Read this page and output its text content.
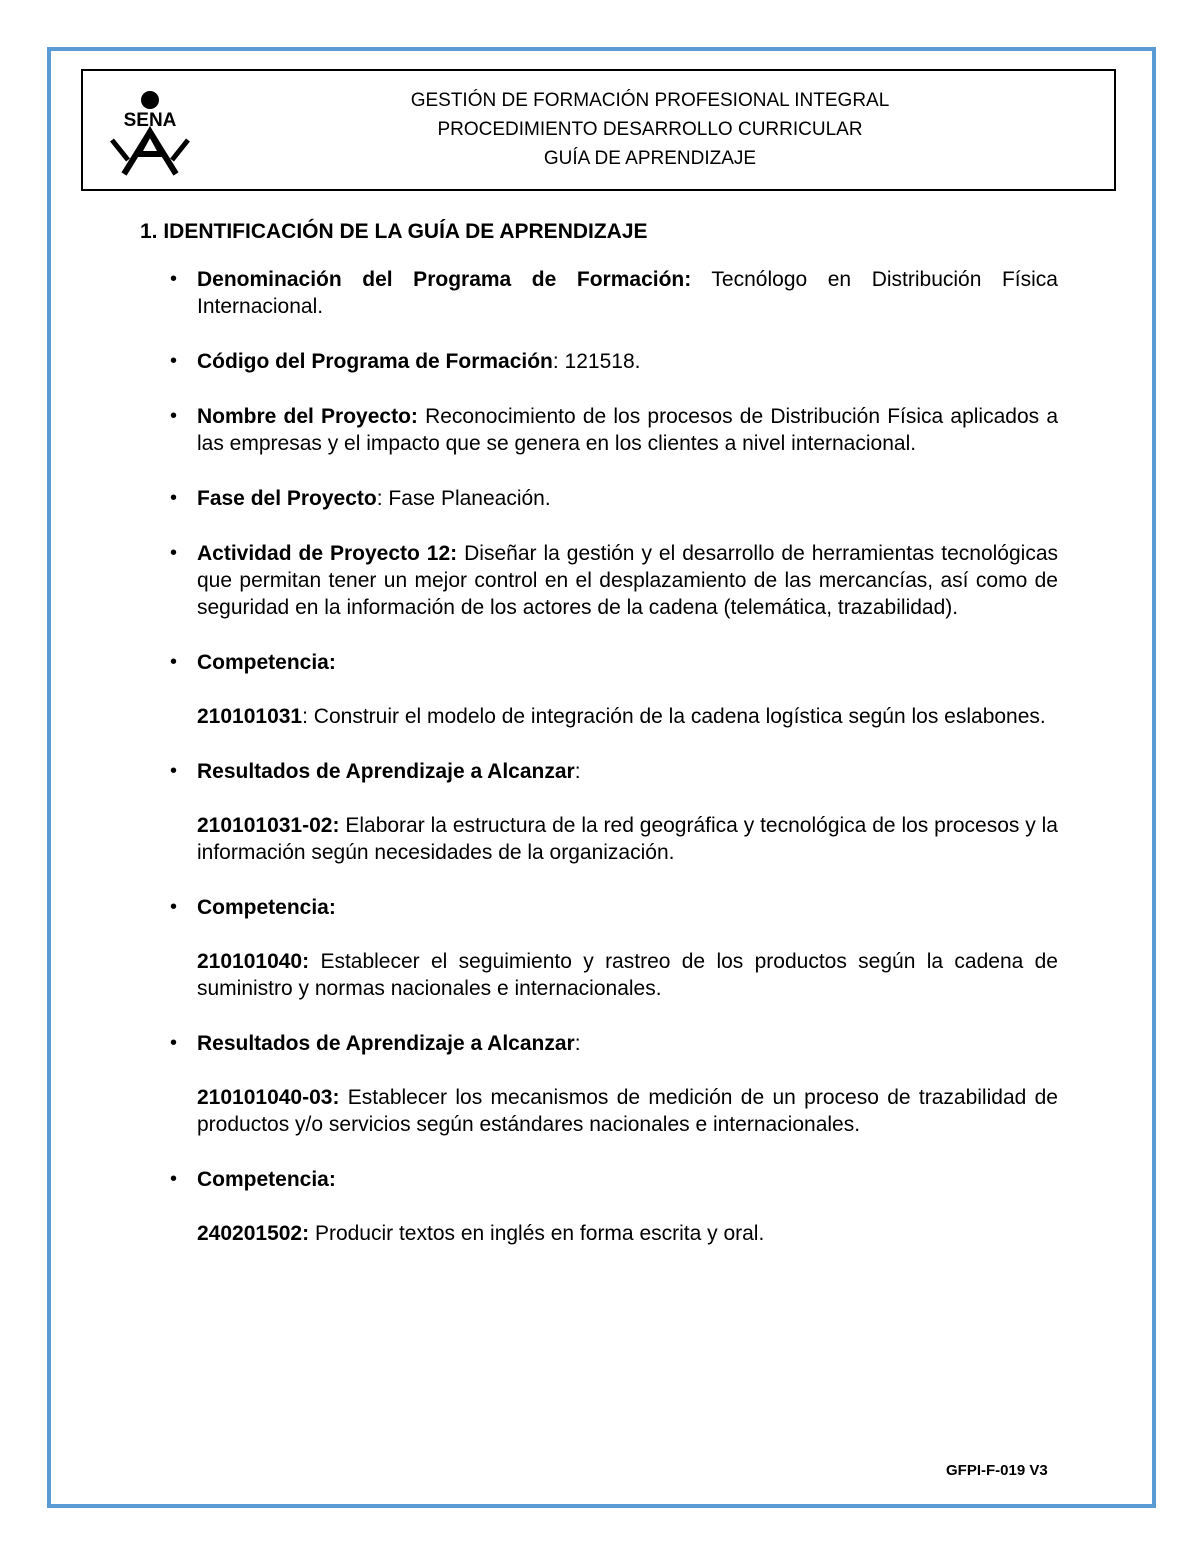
SENA
GESTIÓN DE FORMACIÓN PROFESIONAL INTEGRAL
PROCEDIMIENTO DESARROLLO CURRICULAR
GUÍA DE APRENDIZAJE
1. IDENTIFICACIÓN DE LA GUÍA DE APRENDIZAJE
• Denominación del Programa de Formación: Tecnólogo en Distribución Física Internacional.
• Código del Programa de Formación: 121518.
• Nombre del Proyecto: Reconocimiento de los procesos de Distribución Física aplicados a las empresas y el impacto que se genera en los clientes a nivel internacional.
• Fase del Proyecto: Fase Planeación.
• Actividad de Proyecto 12: Diseñar la gestión y el desarrollo de herramientas tecnológicas que permitan tener un mejor control en el desplazamiento de las mercancías, así como de seguridad en la información de los actores de la cadena (telemática, trazabilidad).
• Competencia:
210101031: Construir el modelo de integración de la cadena logística según los eslabones.
• Resultados de Aprendizaje a Alcanzar:
210101031-02: Elaborar la estructura de la red geográfica y tecnológica de los procesos y la información según necesidades de la organización.
• Competencia:
210101040: Establecer el seguimiento y rastreo de los productos según la cadena de suministro y normas nacionales e internacionales.
• Resultados de Aprendizaje a Alcanzar:
210101040-03: Establecer los mecanismos de medición de un proceso de trazabilidad de productos y/o servicios según estándares nacionales e internacionales.
• Competencia:
240201502: Producir textos en inglés en forma escrita y oral.
GFPI-F-019 V3
